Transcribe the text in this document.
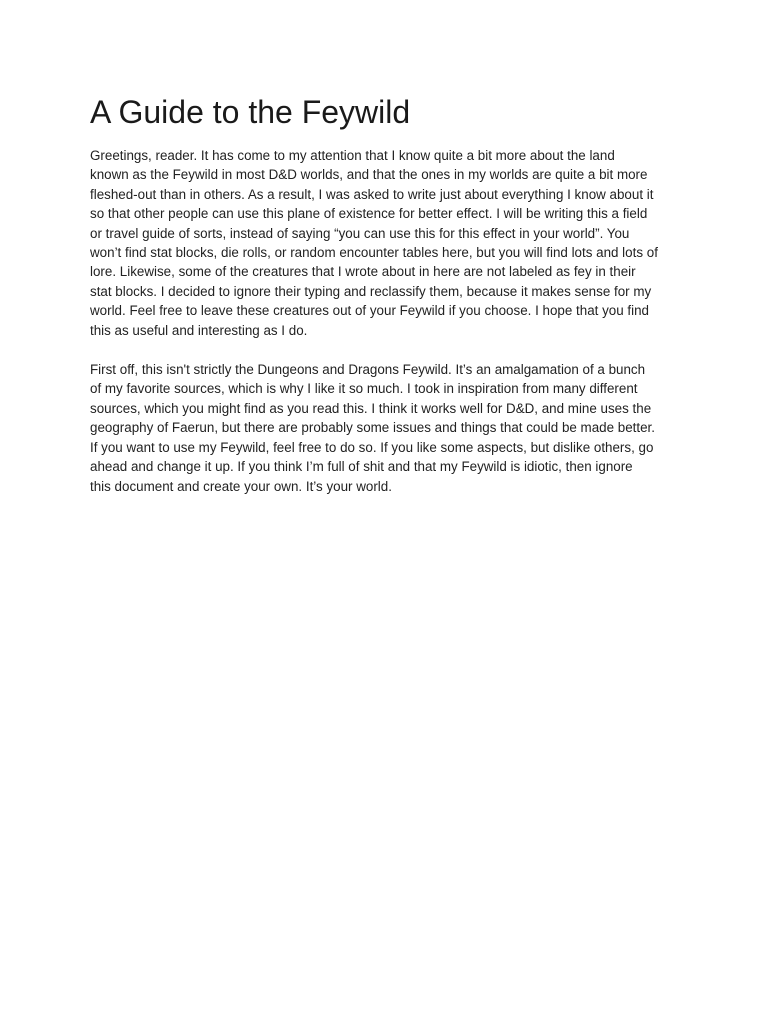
A Guide to the Feywild

Greetings, reader. It has come to my attention that I know quite a bit more about the land
known as the Feywild in most D&D worlds, and that the ones in my worlds are quite a bit more
fleshed-out than in others. As a result, I was asked to write just about everything I know about it
so that other people can use this plane of existence for better effect. I will be writing this a field
or travel guide of sorts, instead of saying “you can use this for this effect in your world”. You
won’t find stat blocks, die rolls, or random encounter tables here, but you will find lots and lots of
lore. Likewise, some of the creatures that I wrote about in here are not labeled as fey in their
stat blocks. I decided to ignore their typing and reclassify them, because it makes sense for my
world. Feel free to leave these creatures out of your Feywild if you choose. I hope that you find
this as useful and interesting as I do.

First off, this isn't strictly the Dungeons and Dragons Feywild. It’s an amalgamation of a bunch
of my favorite sources, which is why I like it so much. I took in inspiration from many different
sources, which you might find as you read this. I think it works well for D&D, and mine uses the
geography of Faerun, but there are probably some issues and things that could be made better.
If you want to use my Feywild, feel free to do so. If you like some aspects, but dislike others, go
ahead and change it up. If you think I’m full of shit and that my Feywild is idiotic, then ignore
this document and create your own. It’s your world.
